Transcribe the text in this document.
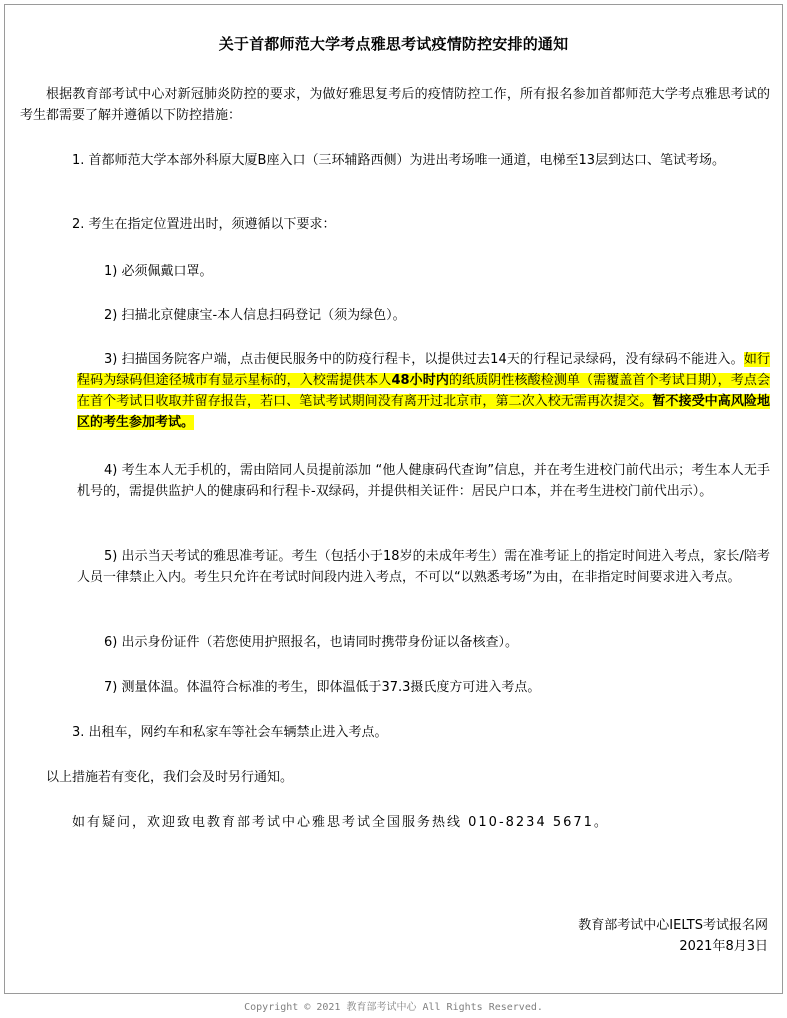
关于首都师范大学考点雅思考试疫情防控安排的通知

根据教育部考试中心对新冠肺炎防控的要求，为做好雅思复考后的疫情防控工作，所有报名参加首都师范大学考点雅思考试的考生都需要了解并遵循以下防控措施：

1. 首都师范大学本部外科原大厦B座入口（三环辅路西侧）为进出考场唯一通道，电梯至13层到达口、笔试考场。

2. 考生在指定位置进出时，须遵循以下要求：

1) 必须佩戴口罩。

2) 扫描北京健康宝-本人信息扫码登记（须为绿色）。

3) 扫描国务院客户端，点击便民服务中的防疫行程卡，以提供过去14天的行程记录绿码，没有绿码不能进入。如行程码为绿码但途径城市有显示星标的，入校需提供本人48小时内的纸质阴性核酸检测单（需覆盖首个考试日期），考点会在首个考试日收取并留存报告，若口、笔试考试期间没有离开过北京市，第二次入校无需再次提交。暂不接受中高风险地区的考生参加考试。

4) 考生本人无手机的，需由陪同人员提前添加 “他人健康码代查询”信息，并在考生进校门前代出示；考生本人无手机号的，需提供监护人的健康码和行程卡-双绿码，并提供相关证件：居民户口本，并在考生进校门前代出示）。

5) 出示当天考试的雅思准考证。考生（包括小于18岁的未成年考生）需在准考证上的指定时间进入考点，家长/陪考人员一律禁止入内。考生只允许在考试时间段内进入考点，不可以“以熟悉考场”为由，在非指定时间要求进入考点。

6) 出示身份证件（若您使用护照报名，也请同时携带身份证以备核查）。

7) 测量体温。体温符合标准的考生，即体温低于37.3摄氏度方可进入考点。

3. 出租车，网约车和私家车等社会车辆禁止进入考点。

以上措施若有变化，我们会及时另行通知。

如有疑问，欢迎致电教育部考试中心雅思考试全国服务热线 010-8234 5671。

教育部考试中心IELTS考试报名网
2021年8月3日
Copyright © 2021 教育部考试中心 All Rights Reserved.
